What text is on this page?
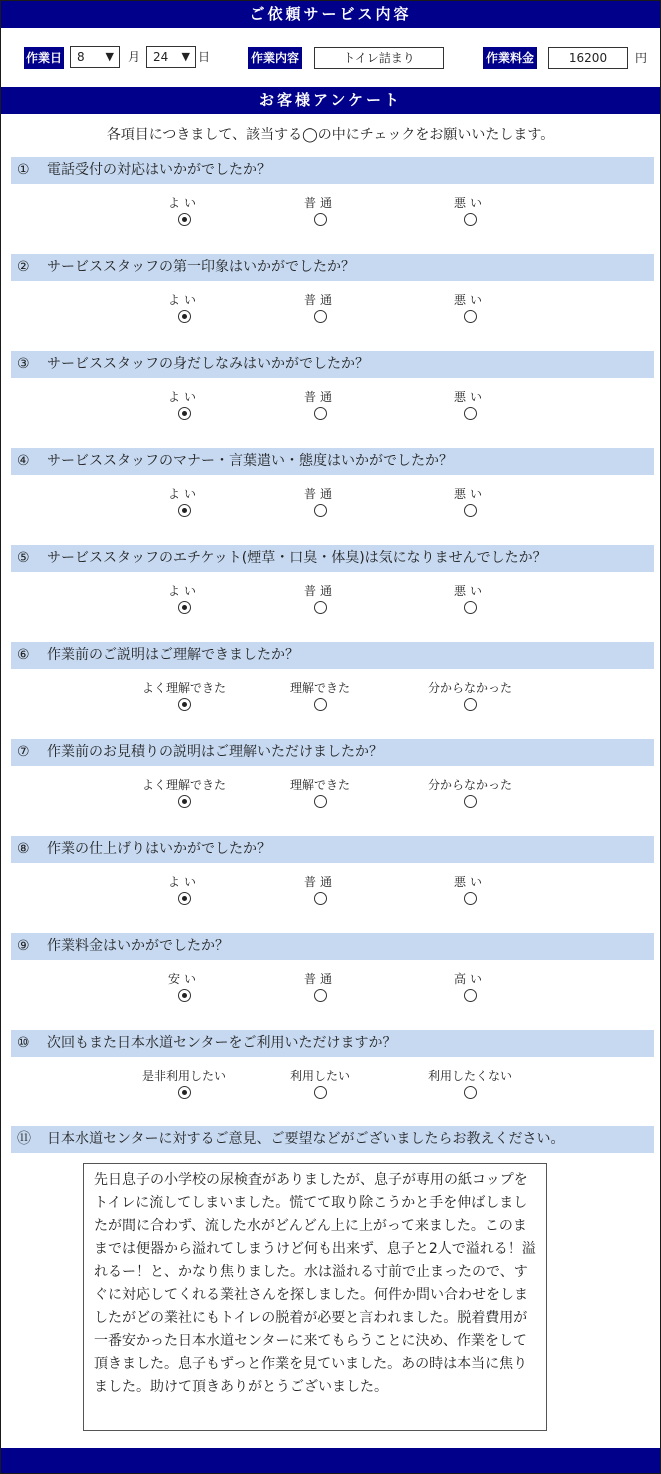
ご依頼サービス内容
作業日	8 ▼ 月	24 ▼ 日	作業内容	トイレ詰まり	作業料金	16200	円
お客様アンケート
各項目につきまして、該当する◯の中にチェックをお願いいたします。
① 電話受付の対応はいかがでしたか？
よい	普通	悪い
② サービススタッフの第一印象はいかがでしたか？
よい	普通	悪い
③ サービススタッフの身だしなみはいかがでしたか？
よい	普通	悪い
④ サービススタッフのマナー・言葉遣い・態度はいかがでしたか？
よい	普通	悪い
⑤ サービススタッフのエチケット(煙草・口臭・体臭)は気になりませんでしたか？
よい	普通	悪い
⑥ 作業前のご説明はご理解できましたか？
よく理解できた	理解できた	分からなかった
⑦ 作業前のお見積りの説明はご理解いただけましたか？
よく理解できた	理解できた	分からなかった
⑧ 作業の仕上げりはいかがでしたか？
よい	普通	悪い
⑨ 作業料金はいかがでしたか？
安い	普通	高い
⑩ 次回もまた日本水道センターをご利用いただけますか？
是非利用したい	利用したい	利用したくない
⑪ 日本水道センターに対するご意見、ご要望などがございましたらお教えください。
先日息子の小学校の尿検査がありましたが、息子が専用の紙コップをトイレに流してしまいました。慌てて取り除こうかと手を伸ばしましたが間に合わず、流した水がどんどん上に上がって来ました。このままでは便器から溢れてしまうけど何も出来ず、息子と2人で溢れる！溢れるー！と、かなり焦りました。水は溢れる寸前で止まったので、すぐに対応してくれる業社さんを探しました。何件か問い合わせをしましたがどの業社にもトイレの脱着が必要と言われました。脱着費用が一番安かった日本水道センターに来てもらうことに決め、作業をして頂きました。息子もずっと作業を見ていました。あの時は本当に焦りました。助けて頂きありがとうございました。
